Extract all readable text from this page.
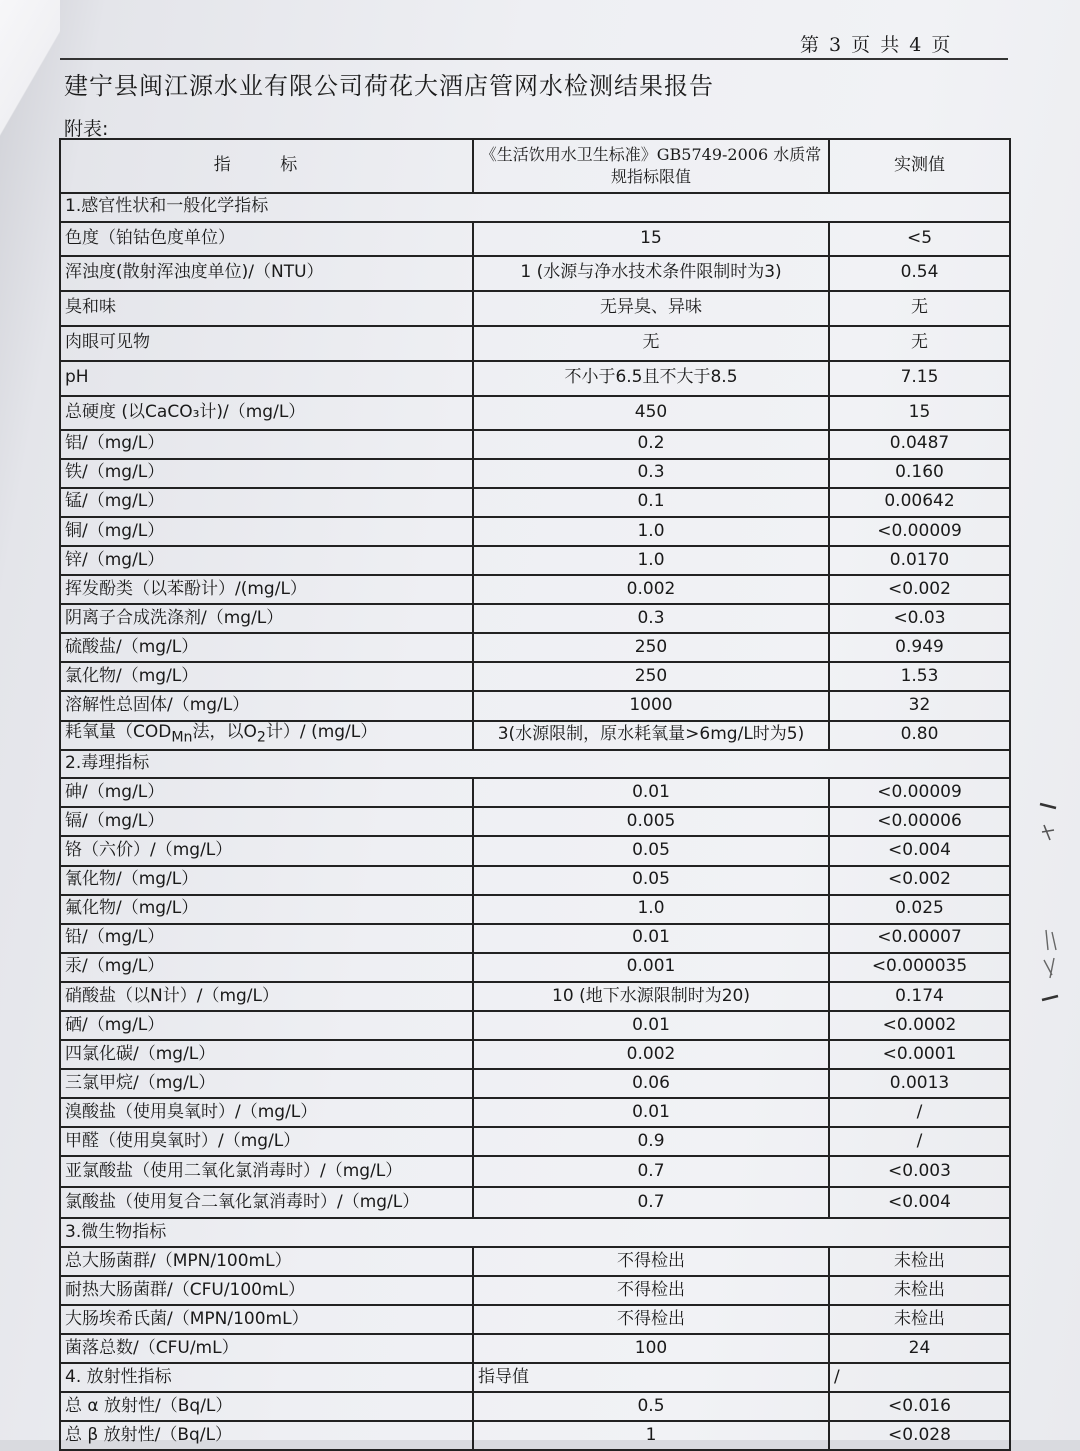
第 3 页 共 4 页
建宁县闽江源水业有限公司荷花大酒店管网水检测结果报告
附表:
指 标	《生活饮用水卫生标准》GB5749-2006 水质常规指标限值	实测值
1.感官性状和一般化学指标		
色度（铂钴色度单位）	15	<5
浑浊度(散射浑浊度单位)/（NTU）	1 (水源与净水技术条件限制时为3)	0.54
臭和味	无异臭、异味	无
肉眼可见物	无	无
pH	不小于6.5且不大于8.5	7.15
总硬度 (以CaCO₃计)/（mg/L）	450	15
铝/（mg/L）	0.2	0.0487
铁/（mg/L）	0.3	0.160
锰/（mg/L）	0.1	0.00642
铜/（mg/L）	1.0	<0.00009
锌/（mg/L）	1.0	0.0170
挥发酚类（以苯酚计）/(mg/L）	0.002	<0.002
阴离子合成洗涤剂/（mg/L）	0.3	<0.03
硫酸盐/（mg/L）	250	0.949
氯化物/（mg/L）	250	1.53
溶解性总固体/（mg/L）	1000	32
耗氧量（$COD_{Mn}$法，以$O_2$计）/ (mg/L）	3(水源限制，原水耗氧量>6mg/L时为5)	0.80
2.毒理指标		
砷/（mg/L）	0.01	<0.00009
镉/（mg/L）	0.005	<0.00006
铬（六价）/（mg/L）	0.05	<0.004
氰化物/（mg/L）	0.05	<0.002
氟化物/（mg/L）	1.0	0.025
铅/（mg/L）	0.01	<0.00007
汞/（mg/L）	0.001	<0.000035
硝酸盐（以N计）/（mg/L）	10 (地下水源限制时为20)	0.174
硒/（mg/L）	0.01	<0.0002
四氯化碳/（mg/L）	0.002	<0.0001
三氯甲烷/（mg/L）	0.06	0.0013
溴酸盐（使用臭氧时）/（mg/L）	0.01	/
甲醛（使用臭氧时）/（mg/L）	0.9	/
亚氯酸盐（使用二氧化氯消毒时）/（mg/L）	0.7	<0.003
氯酸盐（使用复合二氧化氯消毒时）/（mg/L）	0.7	<0.004
3.微生物指标		
总大肠菌群/（MPN/100mL）	不得检出	未检出
耐热大肠菌群/（CFU/100mL）	不得检出	未检出
大肠埃希氏菌/（MPN/100mL）	不得检出	未检出
菌落总数/（CFU/mL）	100	24
4. 放射性指标	指导值	/
总 α 放射性/（Bq/L）	0.5	<0.016
总 β 放射性/（Bq/L）	1	<0.028
